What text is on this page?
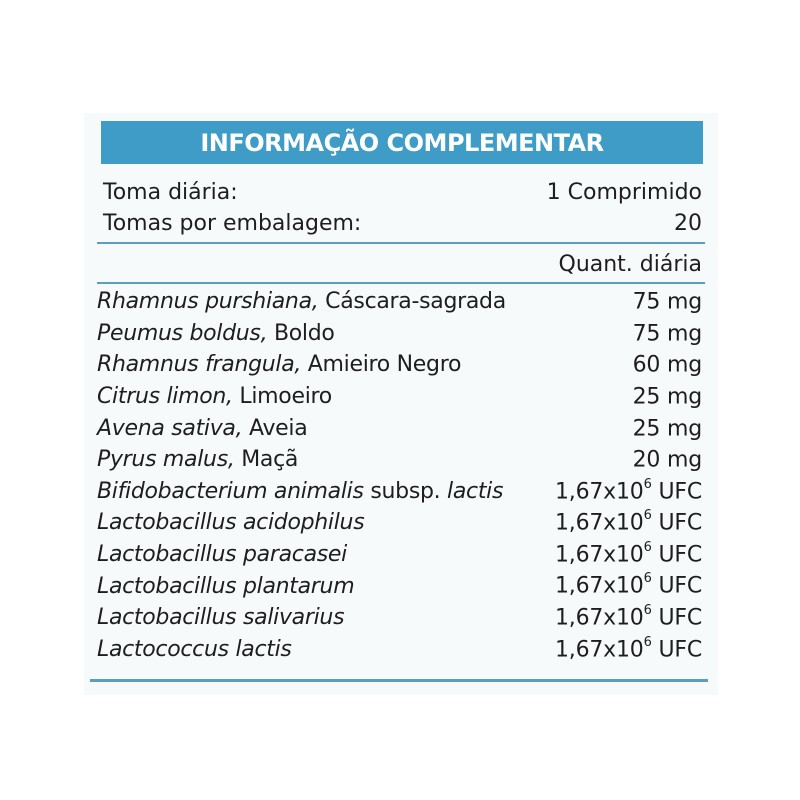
INFORMAÇÃO COMPLEMENTAR
Toma diária:	1 Comprimido
Tomas por embalagem:	20
Quant. diária
Rhamnus purshiana, Cáscara-sagrada	75 mg
Peumus boldus, Boldo	75 mg
Rhamnus frangula, Amieiro Negro	60 mg
Citrus limon, Limoeiro	25 mg
Avena sativa, Aveia	25 mg
Pyrus malus, Maçã	20 mg
Bifidobacterium animalis subsp. lactis $1,67x10^6$ UFC
Lactobacillus acidophilus	$1,67x10^6$ UFC
Lactobacillus paracasei	$1,67x10^6$ UFC
Lactobacillus plantarum	$1,67x10^6$ UFC
Lactobacillus salivarius	$1,67x10^6$ UFC
Lactococcus lactis	$1,67x10^6$ UFC
